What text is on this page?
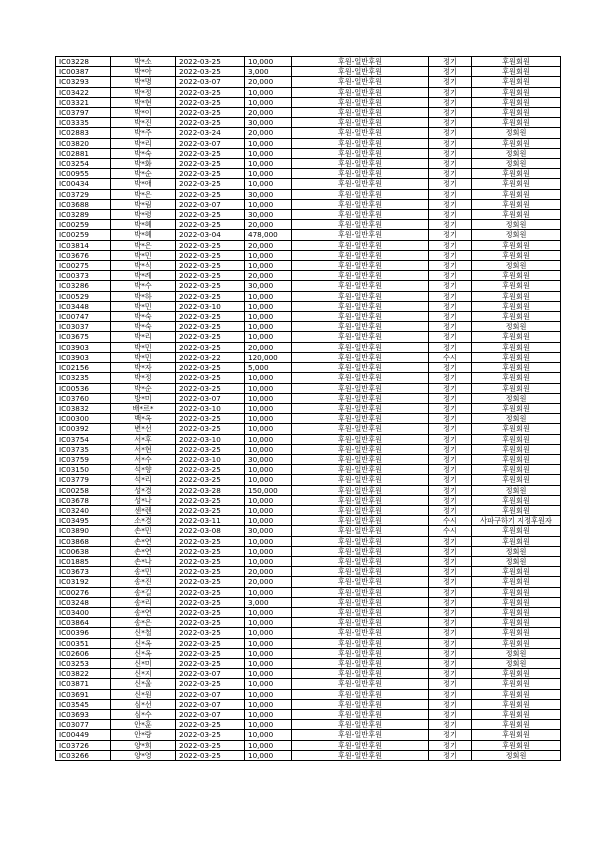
IC03228	박*소	2022-03-25	10,000	후원-일반후원	정기	후원회원
IC00387	박*아	2022-03-25	3,000	후원-일반후원	정기	후원회원
IC03293	박*명	2022-03-07	20,000	후원-일반후원	정기	후원회원
IC03422	박*정	2022-03-25	10,000	후원-일반후원	정기	후원회원
IC03321	박*현	2022-03-25	10,000	후원-일반후원	정기	후원회원
IC03797	박*이	2022-03-25	20,000	후원-일반후원	정기	후원회원
IC03335	박*진	2022-03-25	30,000	후원-일반후원	정기	후원회원
IC02883	박*주	2022-03-24	20,000	후원-일반후원	정기	정회원
IC03820	박*리	2022-03-07	10,000	후원-일반후원	정기	후원회원
IC02881	박*숙	2022-03-25	10,000	후원-일반후원	정기	정회원
IC03254	박*화	2022-03-25	10,000	후원-일반후원	정기	정회원
IC00955	박*순	2022-03-25	10,000	후원-일반후원	정기	후원회원
IC00434	박*애	2022-03-25	10,000	후원-일반후원	정기	후원회원
IC03729	박*은	2022-03-25	30,000	후원-일반후원	정기	후원회원
IC03688	박*림	2022-03-07	10,000	후원-일반후원	정기	후원회원
IC03289	박*령	2022-03-25	30,000	후원-일반후원	정기	후원회원
IC00259	박*혜	2022-03-25	20,000	후원-일반후원	정기	정회원
IC00259	박*혜	2022-03-04	478,000	후원-일반후원	정기	정회원
IC03814	박*은	2022-03-25	20,000	후원-일반후원	정기	후원회원
IC03676	박*민	2022-03-25	10,000	후원-일반후원	정기	후원회원
IC00275	박*식	2022-03-25	10,000	후원-일반후원	정기	정회원
IC00373	박*례	2022-03-25	20,000	후원-일반후원	정기	후원회원
IC03286	박*수	2022-03-25	30,000	후원-일반후원	정기	후원회원
IC00529	박*하	2022-03-25	10,000	후원-일반후원	정기	후원회원
IC03448	박*민	2022-03-10	10,000	후원-일반후원	정기	후원회원
IC00747	박*숙	2022-03-25	10,000	후원-일반후원	정기	후원회원
IC03037	박*숙	2022-03-25	10,000	후원-일반후원	정기	정회원
IC03675	박*리	2022-03-25	10,000	후원-일반후원	정기	후원회원
IC03903	박*민	2022-03-25	20,000	후원-일반후원	정기	후원회원
IC03903	박*민	2022-03-22	120,000	후원-일반후원	수시	후원회원
IC02156	박*자	2022-03-25	5,000	후원-일반후원	정기	후원회원
IC03235	박*정	2022-03-25	10,000	후원-일반후원	정기	후원회원
IC00536	박*순	2022-03-25	10,000	후원-일반후원	정기	후원회원
IC03760	방*미	2022-03-07	10,000	후원-일반후원	정기	정회원
IC03832	배*르*	2022-03-10	10,000	후원-일반후원	정기	후원회원
IC00300	백*옥	2022-03-25	10,000	후원-일반후원	정기	정회원
IC00392	변*선	2022-03-25	10,000	후원-일반후원	정기	후원회원
IC03754	서*후	2022-03-10	10,000	후원-일반후원	정기	후원회원
IC03735	서*현	2022-03-25	10,000	후원-일반후원	정기	후원회원
IC03759	서*수	2022-03-10	30,000	후원-일반후원	정기	후원회원
IC03150	석*향	2022-03-25	10,000	후원-일반후원	정기	후원회원
IC03779	석*리	2022-03-25	10,000	후원-일반후원	정기	후원회원
IC00258	성*경	2022-03-28	150,000	후원-일반후원	정기	정회원
IC03678	성*나	2022-03-25	10,000	후원-일반후원	정기	후원회원
IC03240	센*렌	2022-03-25	10,000	후원-일반후원	정기	후원회원
IC03495	소*경	2022-03-11	10,000	후원-일반후원	수시	사파구하기 지정후원자
IC03890	손*민	2022-03-08	30,000	후원-일반후원	수시	후원회원
IC03868	손*연	2022-03-25	10,000	후원-일반후원	정기	후원회원
IC00638	손*연	2022-03-25	10,000	후원-일반후원	정기	정회원
IC01885	손*나	2022-03-25	10,000	후원-일반후원	정기	정회원
IC03673	송*민	2022-03-25	20,000	후원-일반후원	정기	후원회원
IC03192	송*진	2022-03-25	20,000	후원-일반후원	정기	후원회원
IC00276	송*길	2022-03-25	10,000	후원-일반후원	정기	후원회원
IC03248	송*리	2022-03-25	3,000	후원-일반후원	정기	후원회원
IC03400	송*연	2022-03-25	10,000	후원-일반후원	정기	후원회원
IC03864	송*은	2022-03-25	10,000	후원-일반후원	정기	후원회원
IC00396	신*철	2022-03-25	10,000	후원-일반후원	정기	후원회원
IC00351	신*옥	2022-03-25	10,000	후원-일반후원	정기	후원회원
IC02606	신*옥	2022-03-25	10,000	후원-일반후원	정기	정회원
IC03253	신*미	2022-03-25	10,000	후원-일반후원	정기	정회원
IC03822	신*지	2022-03-07	10,000	후원-일반후원	정기	후원회원
IC03871	신*울	2022-03-25	10,000	후원-일반후원	정기	후원회원
IC03691	신*원	2022-03-07	10,000	후원-일반후원	정기	후원회원
IC03545	심*선	2022-03-07	10,000	후원-일반후원	정기	후원회원
IC03693	심*수	2022-03-07	10,000	후원-일반후원	정기	후원회원
IC03077	안*훈	2022-03-25	10,000	후원-일반후원	정기	후원회원
IC00449	안*랑	2022-03-25	10,000	후원-일반후원	정기	후원회원
IC03726	양*희	2022-03-25	10,000	후원-일반후원	정기	후원회원
IC03266	양*영	2022-03-25	10,000	후원-일반후원	정기	정회원
